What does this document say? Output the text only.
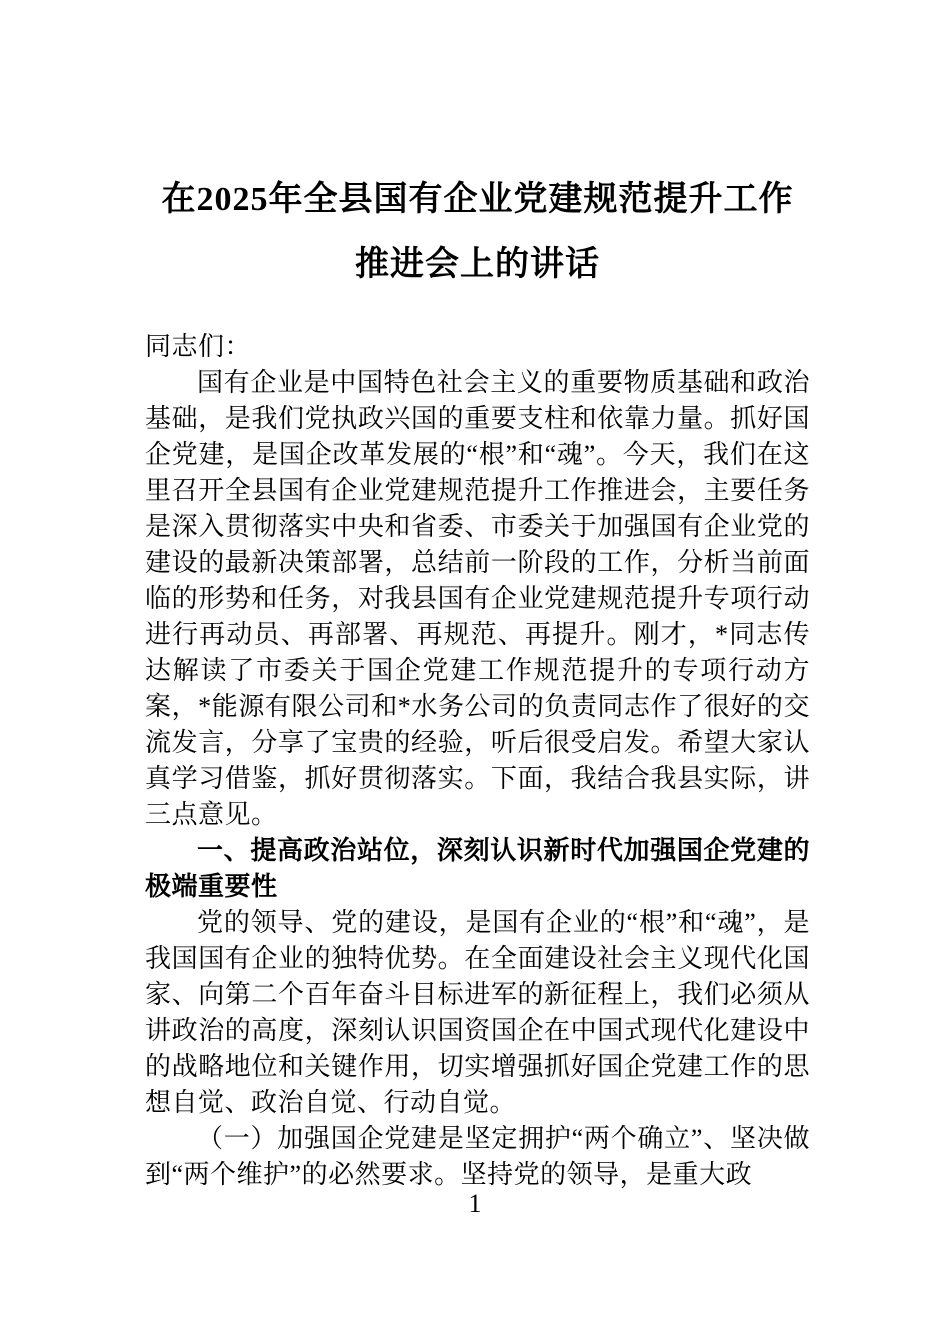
在2025年全县国有企业党建规范提升工作
推进会上的讲话

同志们：

国有企业是中国特色社会主义的重要物质基础和政治基础，是我们党执政兴国的重要支柱和依靠力量。抓好国企党建，是国企改革发展的“根”和“魂”。今天，我们在这里召开全县国有企业党建规范提升工作推进会，主要任务是深入贯彻落实中央和省委、市委关于加强国有企业党的建设的最新决策部署，总结前一阶段的工作，分析当前面临的形势和任务，对我县国有企业党建规范提升专项行动进行再动员、再部署、再规范、再提升。刚才，*同志传达解读了市委关于国企党建工作规范提升的专项行动方案，*能源有限公司和*水务公司的负责同志作了很好的交流发言，分享了宝贵的经验，听后很受启发。希望大家认真学习借鉴，抓好贯彻落实。下面，我结合我县实际，讲三点意见。

一、提高政治站位，深刻认识新时代加强国企党建的极端重要性

党的领导、党的建设，是国有企业的“根”和“魂”，是我国国有企业的独特优势。在全面建设社会主义现代化国家、向第二个百年奋斗目标进军的新征程上，我们必须从讲政治的高度，深刻认识国资国企在中国式现代化建设中的战略地位和关键作用，切实增强抓好国企党建工作的思想自觉、政治自觉、行动自觉。

（一）加强国企党建是坚定拥护“两个确立”、坚决做到“两个维护”的必然要求。坚持党的领导，是重大政

1
